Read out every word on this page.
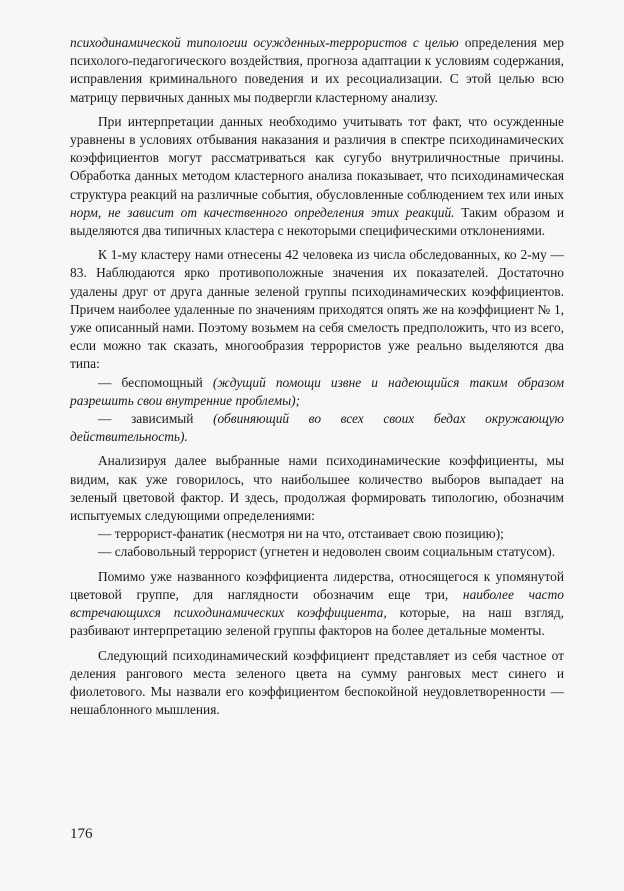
психодинамической типологии осужденных-террористов с целью определения мер психолого-педагогического воздействия, прогноза адаптации к условиям содержания, исправления криминального поведения и их ресоциализации. С этой целью всю матрицу первичных данных мы подвергли кластерному анализу.

При интерпретации данных необходимо учитывать тот факт, что осужденные уравнены в условиях отбывания наказания и различия в спектре психодинамических коэффициентов могут рассматриваться как сугубо внутриличностные причины. Обработка данных методом кластерного анализа показывает, что психодинамическая структура реакций на различные события, обусловленные соблюдением тех или иных норм, не зависит от качественного определения этих реакций. Таким образом и выделяются два типичных кластера с некоторыми специфическими отклонениями.

К 1-му кластеру нами отнесены 42 человека из числа обследованных, ко 2-му — 83. Наблюдаются ярко противоположные значения их показателей. Достаточно удалены друг от друга данные зеленой группы психодинамических коэффициентов. Причем наиболее удаленные по значениям приходятся опять же на коэффициент № 1, уже описанный нами. Поэтому возьмем на себя смелость предположить, что из всего, если можно так сказать, многообразия террористов уже реально выделяются два типа:

— беспомощный (ждущий помощи извне и надеющийся таким образом разрешить свои внутренние проблемы);

— зависимый (обвиняющий во всех своих бедах окружающую действительность).

Анализируя далее выбранные нами психодинамические коэффициенты, мы видим, как уже говорилось, что наибольшее количество выборов выпадает на зеленый цветовой фактор. И здесь, продолжая формировать типологию, обозначим испытуемых следующими определениями:

— террорист-фанатик (несмотря ни на что, отстаивает свою позицию);

— слабовольный террорист (угнетен и недоволен своим социальным статусом).

Помимо уже названного коэффициента лидерства, относящегося к упомянутой цветовой группе, для наглядности обозначим еще три, наиболее часто встречающихся психодинамических коэффициента, которые, на наш взгляд, разбивают интерпретацию зеленой группы факторов на более детальные моменты.

Следующий психодинамический коэффициент представляет из себя частное от деления рангового места зеленого цвета на сумму ранговых мест синего и фиолетового. Мы назвали его коэффициентом беспокойной неудовлетворенности — нешаблонного мышления.

176
